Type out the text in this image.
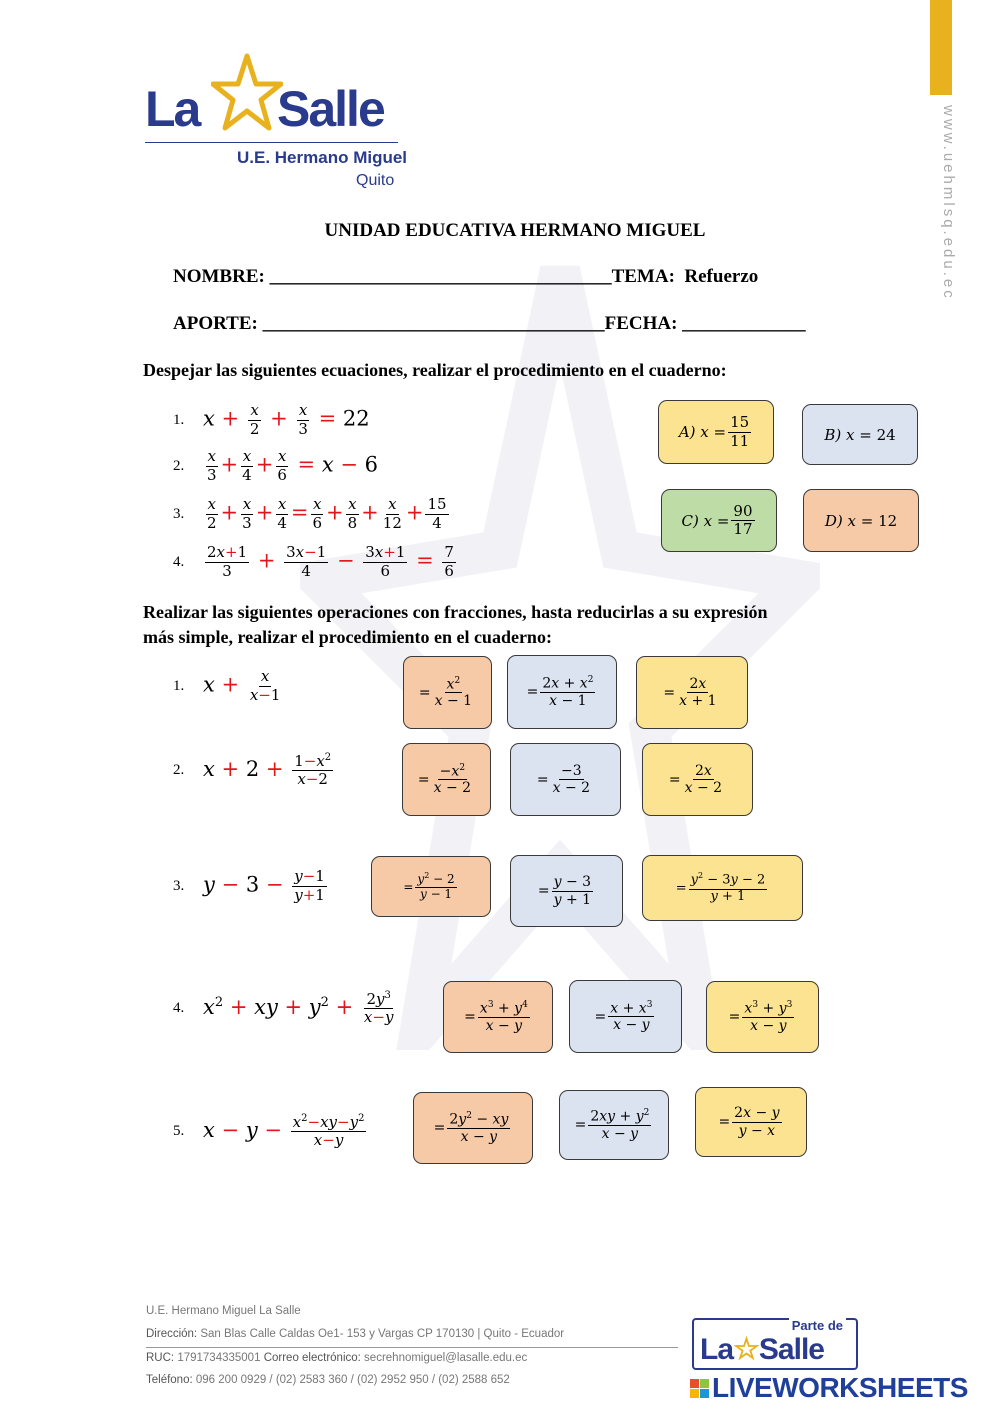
www.uehmlsq.edu.ec
La Salle
U.E. Hermano Miguel
Quito
UNIDAD EDUCATIVA HERMANO MIGUEL
NOMBRE: ____________________________________TEMA: Refuerzo
APORTE: ____________________________________FECHA: _____________
Despejar las siguientes ecuaciones, realizar el procedimiento en el cuaderno:
1. $x + \frac{x}{2} + \frac{x}{3} = 22$
2.	$\frac{x}{3} + \frac{x}{4} + \frac{x}{6} = x - 6$
3.	$\frac{x}{2} + \frac{x}{3} + \frac{x}{4} = \frac{x}{6} + \frac{x}{8} + \frac{x}{12} + \frac{15}{4}$
4.	$\frac{2x+1}{3} + \frac{3x-1}{4} - \frac{3x+1}{6} = \frac{7}{6}$
A) $x = \frac{15}{11}$	B) x = 24
C) $x = \frac{90}{17}$	D) x = 12
Realizar las siguientes operaciones con fracciones, hasta reducirlas a su expresión
más simple, realizar el procedimiento en el cuaderno:
1. $x + \frac{x}{x-1}$	= $\frac{x^2}{x - 1}$	= $\frac{2x + x^2}{x - 1}$	= $\frac{2x}{x + 1}$
2. $x + 2 + \frac{1-x^2}{x-2}$	= $\frac{-x^2}{x - 2}$	= $\frac{-3}{x - 2}$	= $\frac{2x}{x - 2}$
3. $y - 3 - \frac{y-1}{y+1}$	= $\frac{y^2 - 2}{y - 1}$	= $\frac{y - 3}{y + 1}$	= $\frac{y^2 - 3y - 2}{y + 1}$
4. $x^2$ + xy + $y^2 + \frac{2y^3}{x-y}$	= $\frac{x^3 + y^4}{x - y}$	= $\frac{x + x^3}{x - y}$	= $\frac{x^3 + y^3}{x - y}$
5. $x - y - \frac{x^2-xy-y^2}{x-y}$	= $\frac{2y^2 - xy}{x - y}$	= $\frac{2xy + y^2}{x - y}$	= $\frac{2x - y}{y - x}$
U.E. Hermano Miguel La Salle
Dirección: San Blas Calle Caldas Oe1- 153 y Vargas CP 170130 | Quito - Ecuador
RUC: 1791734335001 Correo electrónico: secrehnomiguel@lasalle.edu.ec
Teléfono: 096 200 0929 / (02) 2583 360 / (02) 2952 950 / (02) 2588 652
Parte de
La☆Salle
LIVEWORKSHEETS
